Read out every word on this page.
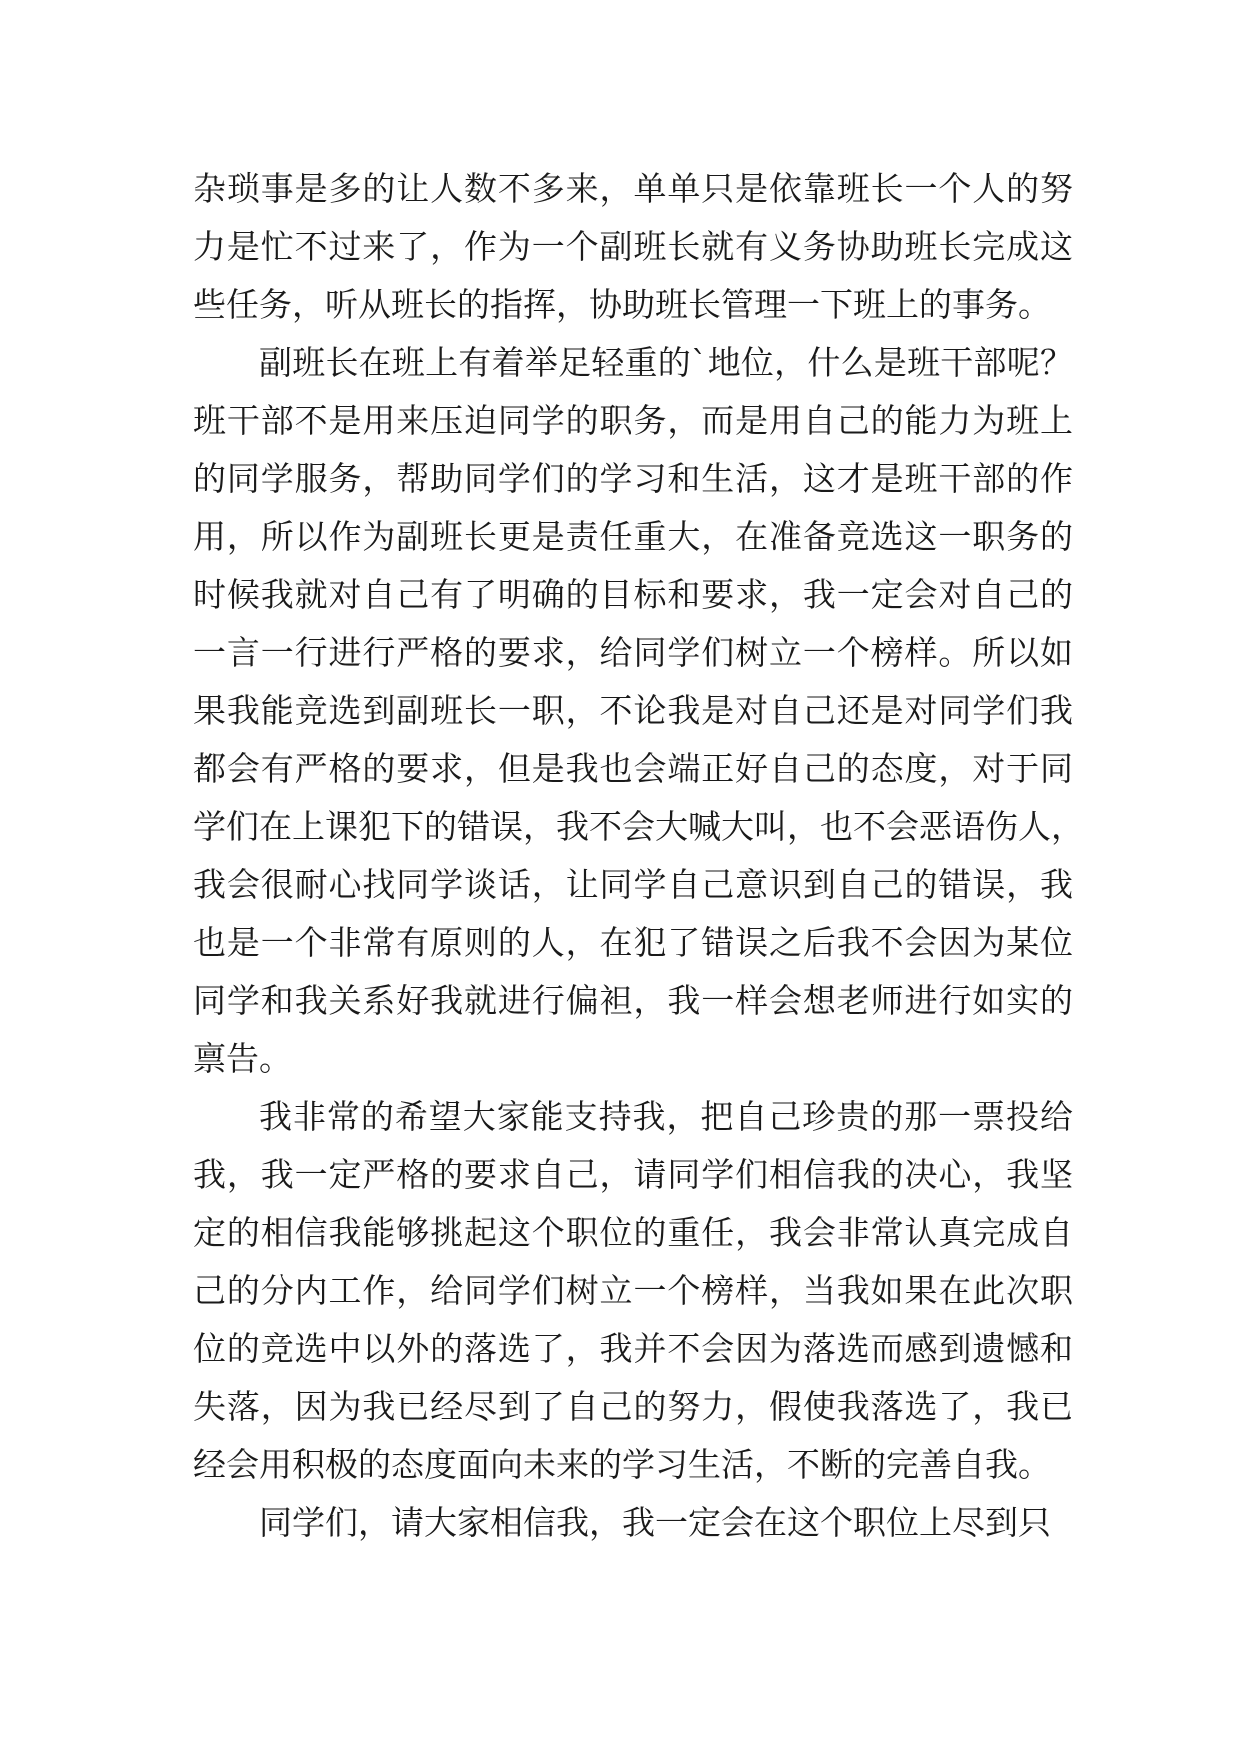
杂琐事是多的让人数不多来，单单只是依靠班长一个人的努
力是忙不过来了，作为一个副班长就有义务协助班长完成这
些任务，听从班长的指挥，协助班长管理一下班上的事务。
副班长在班上有着举足轻重的`地位，什么是班干部呢？
班干部不是用来压迫同学的职务，而是用自己的能力为班上
的同学服务，帮助同学们的学习和生活，这才是班干部的作
用，所以作为副班长更是责任重大，在准备竞选这一职务的
时候我就对自己有了明确的目标和要求，我一定会对自己的
一言一行进行严格的要求，给同学们树立一个榜样。所以如
果我能竞选到副班长一职，不论我是对自己还是对同学们我
都会有严格的要求，但是我也会端正好自己的态度，对于同
学们在上课犯下的错误，我不会大喊大叫，也不会恶语伤人，
我会很耐心找同学谈话，让同学自己意识到自己的错误，我
也是一个非常有原则的人，在犯了错误之后我不会因为某位
同学和我关系好我就进行偏袒，我一样会想老师进行如实的
禀告。
我非常的希望大家能支持我，把自己珍贵的那一票投给
我，我一定严格的要求自己，请同学们相信我的决心，我坚
定的相信我能够挑起这个职位的重任，我会非常认真完成自
己的分内工作，给同学们树立一个榜样，当我如果在此次职
位的竞选中以外的落选了，我并不会因为落选而感到遗憾和
失落，因为我已经尽到了自己的努力，假使我落选了，我已
经会用积极的态度面向未来的学习生活，不断的完善自我。
同学们，请大家相信我，我一定会在这个职位上尽到只
